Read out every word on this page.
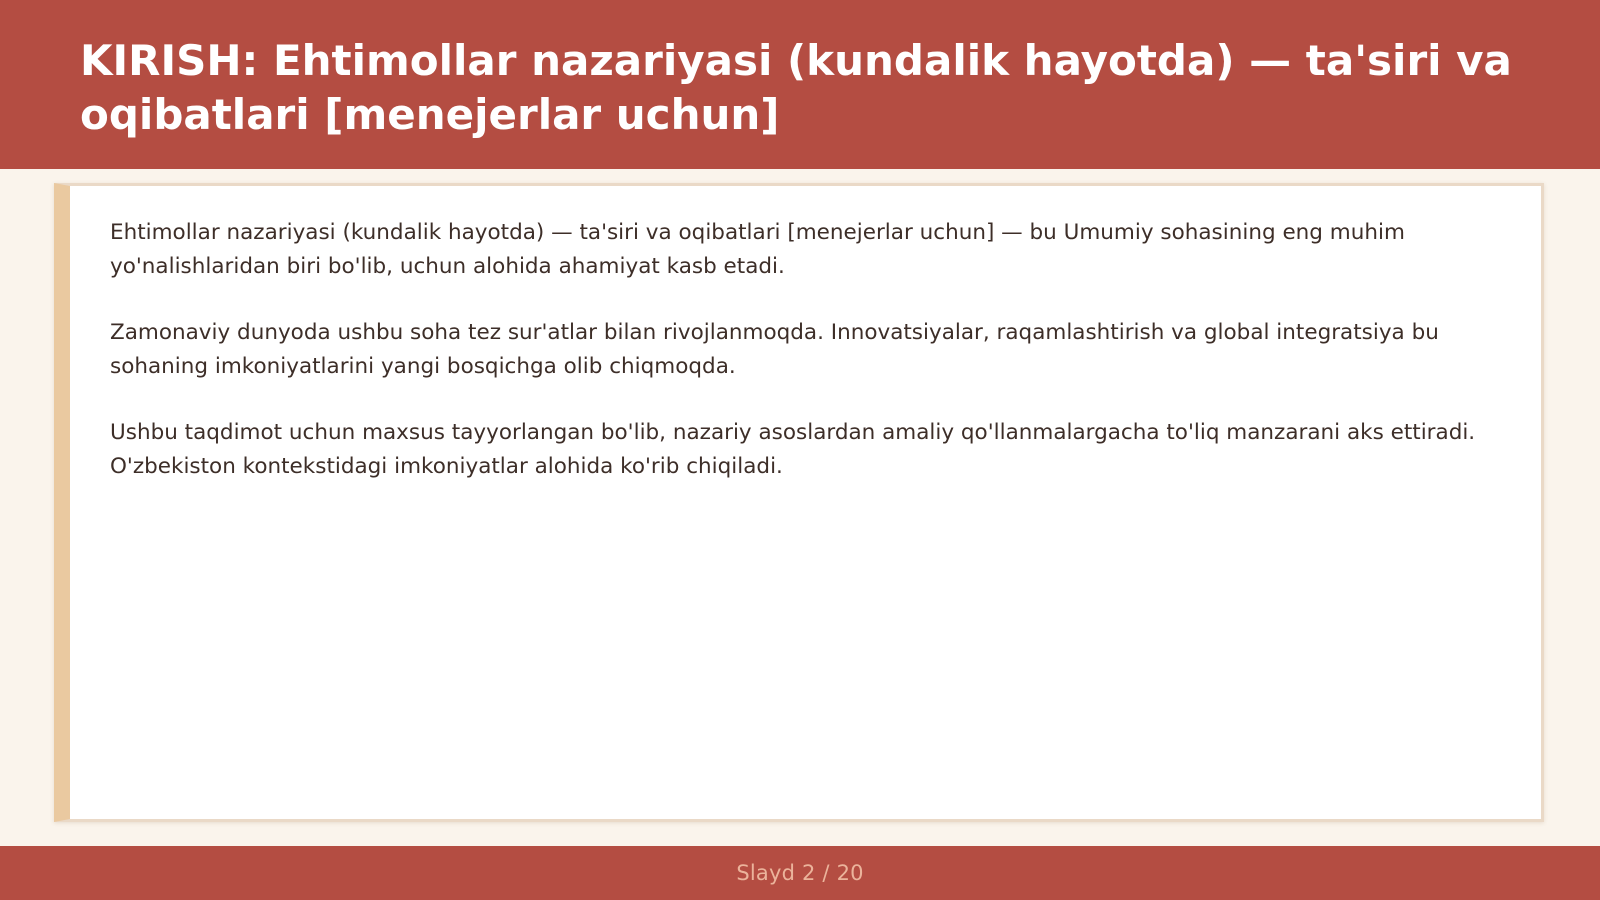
KIRISH: Ehtimollar nazariyasi (kundalik hayotda) — ta'siri va oqibatlari [menejerlar uchun]

Ehtimollar nazariyasi (kundalik hayotda) — ta'siri va oqibatlari [menejerlar uchun] — bu Umumiy sohasining eng muhim yo'nalishlaridan biri bo'lib, uchun alohida ahamiyat kasb etadi.

Zamonaviy dunyoda ushbu soha tez sur'atlar bilan rivojlanmoqda. Innovatsiyalar, raqamlashtirish va global integratsiya bu sohaning imkoniyatlarini yangi bosqichga olib chiqmoqda.

Ushbu taqdimot uchun maxsus tayyorlangan bo'lib, nazariy asoslardan amaliy qo'llanmalargacha to'liq manzarani aks ettiradi. O'zbekiston kontekstidagi imkoniyatlar alohida ko'rib chiqiladi.

Slayd 2 / 20
